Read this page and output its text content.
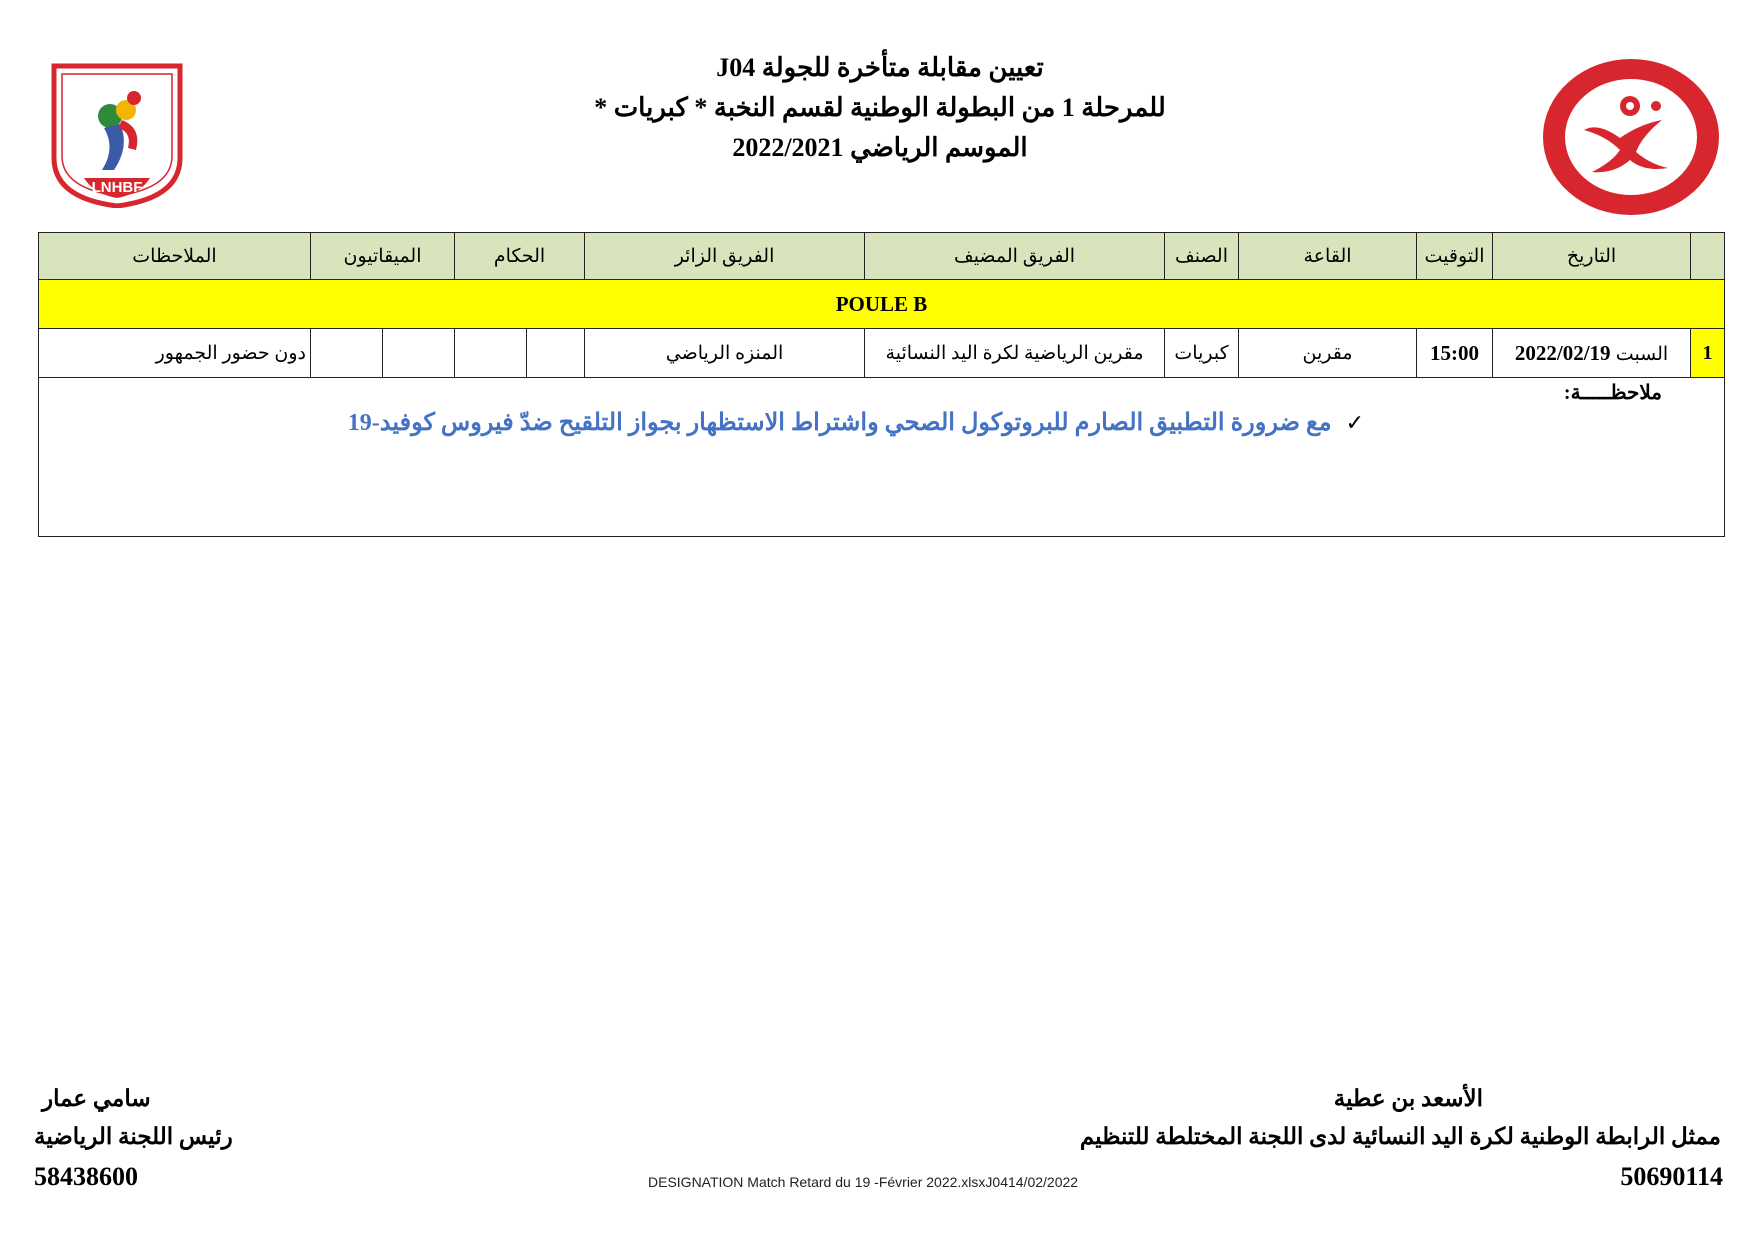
LNHBF
تعيين مقابلة متأخرة للجولة J04
للمرحلة 1 من البطولة الوطنية لقسم النخبة * كبريات *
الموسم الرياضي 2022/2021
	التاريخ	التوقيت	القاعة	الصنف	الفريق المضيف	الفريق الزائر	الحكام		الميقاتيون		الملاحظات
POULE B											
1	السبت 2022/02/19	15:00	مقرين	كبريات	مقرين الرياضية لكرة اليد النسائية	المنزه الرياضي					دون حضور الجمهور

ملاحظـــــة:
✓مع ضرورة التطبيق الصارم للبروتوكول الصحي واشتراط الاستظهار بجواز التلقيح ضدّ فيروس كوفيد-19											
الأسعد بن عطية
ممثل الرابطة الوطنية لكرة اليد النسائية لدى اللجنة المختلطة للتنظيم
50690114
سامي عمار
رئيس اللجنة الرياضية
58438600	DESIGNATION Match Retard du 19 -Février 2022.xlsxJ0414/02/2022
